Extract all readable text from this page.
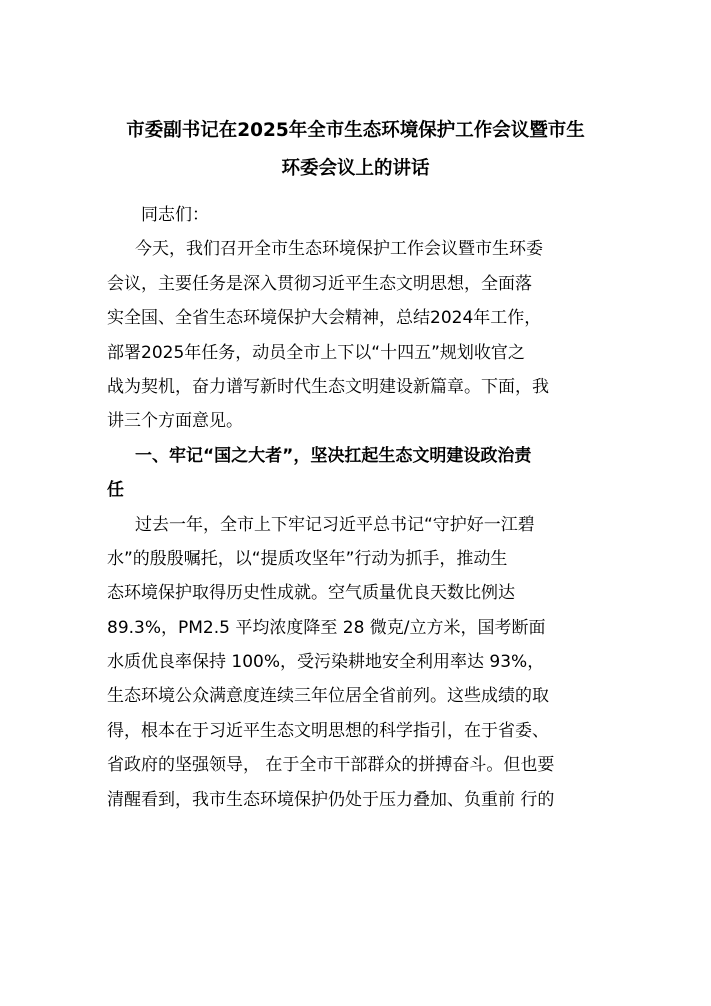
市委副书记在2025年全市生态环境保护工作会议暨市生
环委会议上的讲话
同志们：
今天，我们召开全市生态环境保护工作会议暨市生环委
会议，主要任务是深入贯彻习近平生态文明思想，全面落
实全国、全省生态环境保护大会精神，总结2024年工作，
部署2025年任务，动员全市上下以“十四五”规划收官之
战为契机，奋力谱写新时代生态文明建设新篇章。下面，我
讲三个方面意见。
一、牢记“国之大者”，坚决扛起生态文明建设政治责
任
过去一年，全市上下牢记习近平总书记“守护好一江碧
水”的殷殷嘱托，以“提质攻坚年”行动为抓手，推动生
态环境保护取得历史性成就。空气质量优良天数比例达
89.3%，PM2.5 平均浓度降至 28 微克/立方米，国考断面
水质优良率保持 100%，受污染耕地安全利用率达 93%，
生态环境公众满意度连续三年位居全省前列。这些成绩的取
得，根本在于习近平生态文明思想的科学指引，在于省委、
省政府的坚强领导， 在于全市干部群众的拼搏奋斗。但也要
清醒看到，我市生态环境保护仍处于压力叠加、负重前 行的
